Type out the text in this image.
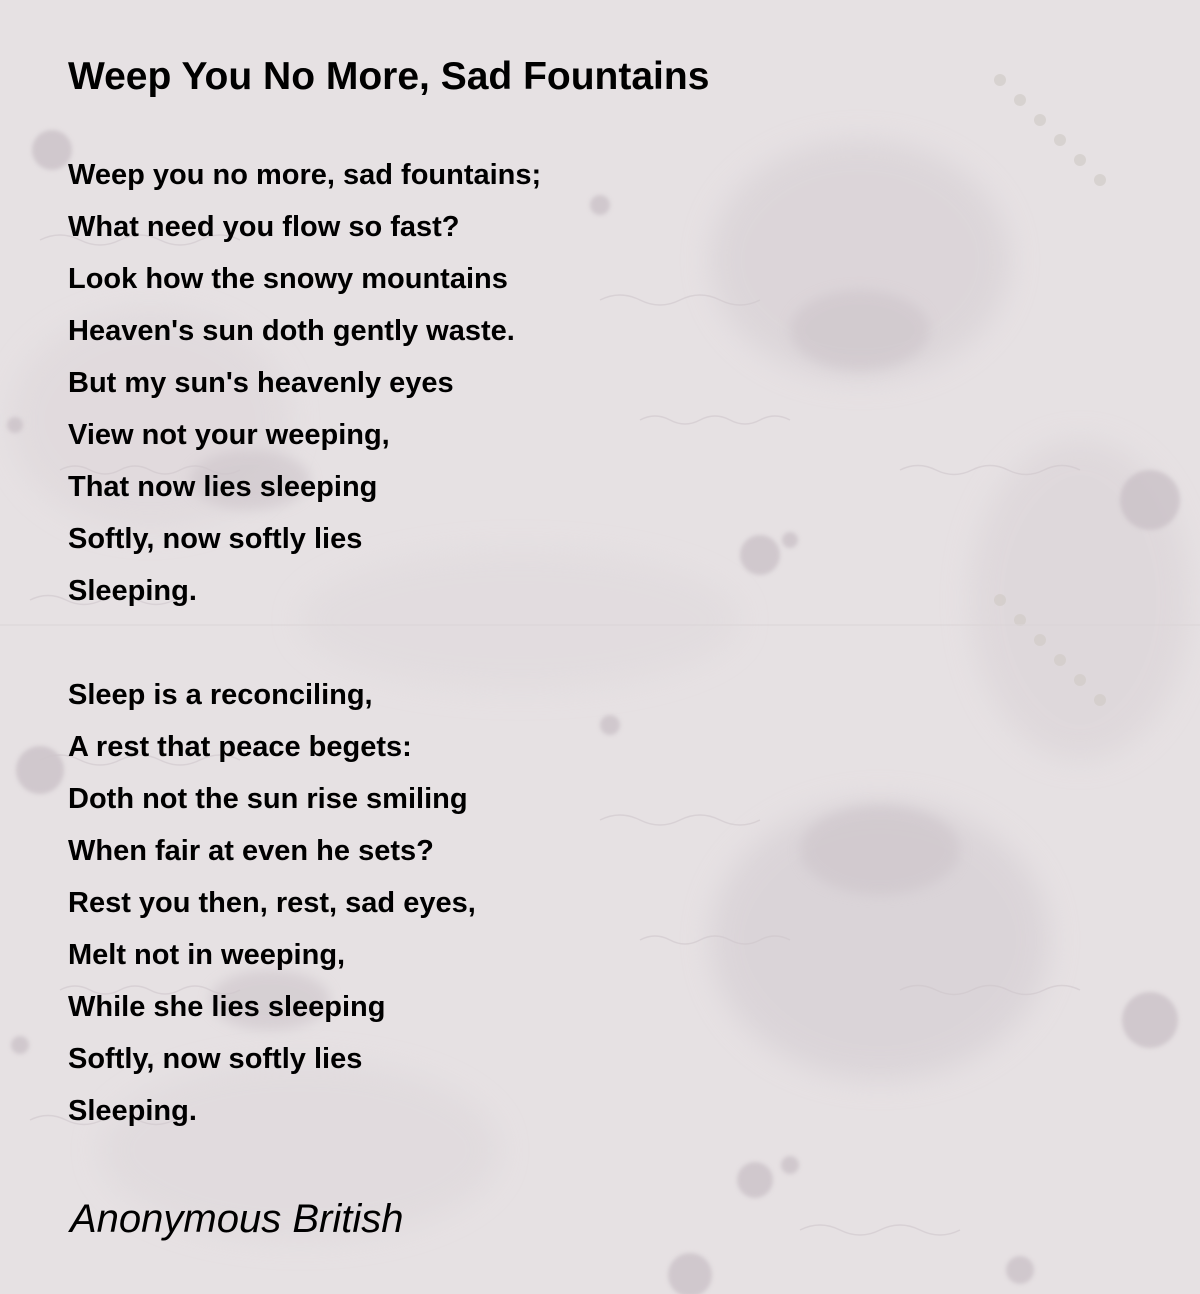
Weep You No More, Sad Fountains
Weep you no more, sad fountains;
What need you flow so fast?
Look how the snowy mountains
Heaven's sun doth gently waste.
But my sun's heavenly eyes
View not your weeping,
That now lies sleeping
Softly, now softly lies
Sleeping.
Sleep is a reconciling,
A rest that peace begets:
Doth not the sun rise smiling
When fair at even he sets?
Rest you then, rest, sad eyes,
Melt not in weeping,
While she lies sleeping
Softly, now softly lies
Sleeping.
Anonymous British
